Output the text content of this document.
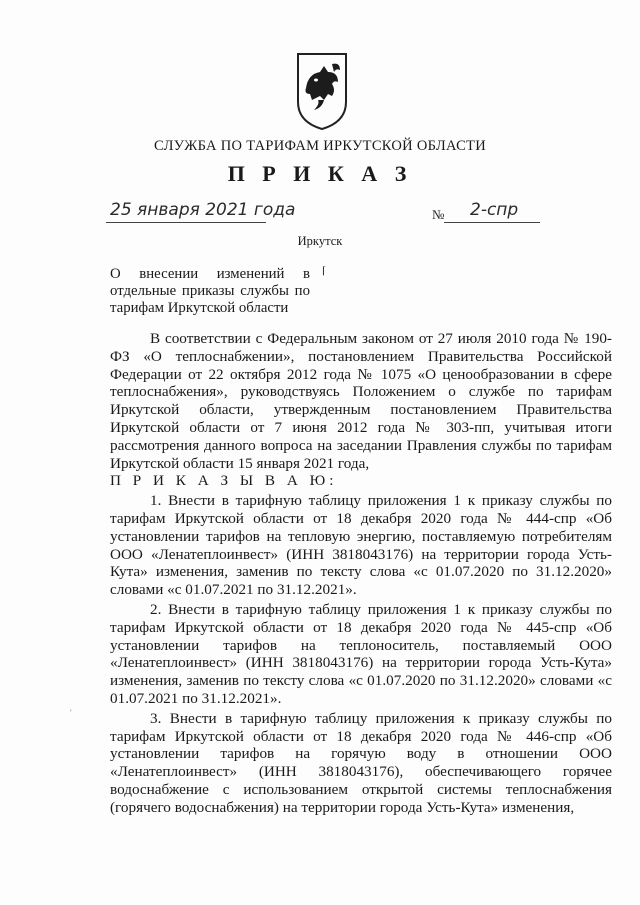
СЛУЖБА ПО ТАРИФАМ ИРКУТСКОЙ ОБЛАСТИ
П Р И К А З
25 января 2021 года	№ 2-спр
Иркутск
О внесении изменений в отдельные приказы службы по тарифам Иркутской области
⌈

В соответствии с Федеральным законом от 27 июля 2010 года № 190-ФЗ «О теплоснабжении», постановлением Правительства Российской Федерации от 22 октября 2012 года № 1075 «О ценообразовании в сфере теплоснабжения», руководствуясь Положением о службе по тарифам Иркутской области, утвержденным постановлением Правительства Иркутской области от 7 июня 2012 года № 303-пп, учитывая итоги рассмотрения данного вопроса на заседании Правления службы по тарифам Иркутской области 15 января 2021 года,

П Р И К А З Ы В А Ю:

1. Внести в тарифную таблицу приложения 1 к приказу службы по тарифам Иркутской области от 18 декабря 2020 года № 444-спр «Об установлении тарифов на тепловую энергию, поставляемую потребителям ООО «Ленатеплоинвест» (ИНН 3818043176) на территории города Усть-Кута» изменения, заменив по тексту слова «с 01.07.2020 по 31.12.2020» словами «с 01.07.2021 по 31.12.2021».

2. Внести в тарифную таблицу приложения 1 к приказу службы по тарифам Иркутской области от 18 декабря 2020 года № 445-спр «Об установлении тарифов на теплоноситель, поставляемый ООО «Ленатеплоинвест» (ИНН 3818043176) на территории города Усть-Кута» изменения, заменив по тексту слова «с 01.07.2020 по 31.12.2020» словами «с 01.07.2021 по 31.12.2021».

3. Внести в тарифную таблицу приложения к приказу службы по тарифам Иркутской области от 18 декабря 2020 года № 446-спр «Об установлении тарифов на горячую воду в отношении ООО «Ленатеплоинвест» (ИНН 3818043176), обеспечивающего горячее водоснабжение с использованием открытой системы теплоснабжения (горячего водоснабжения) на территории города Усть-Кута» изменения,

'
